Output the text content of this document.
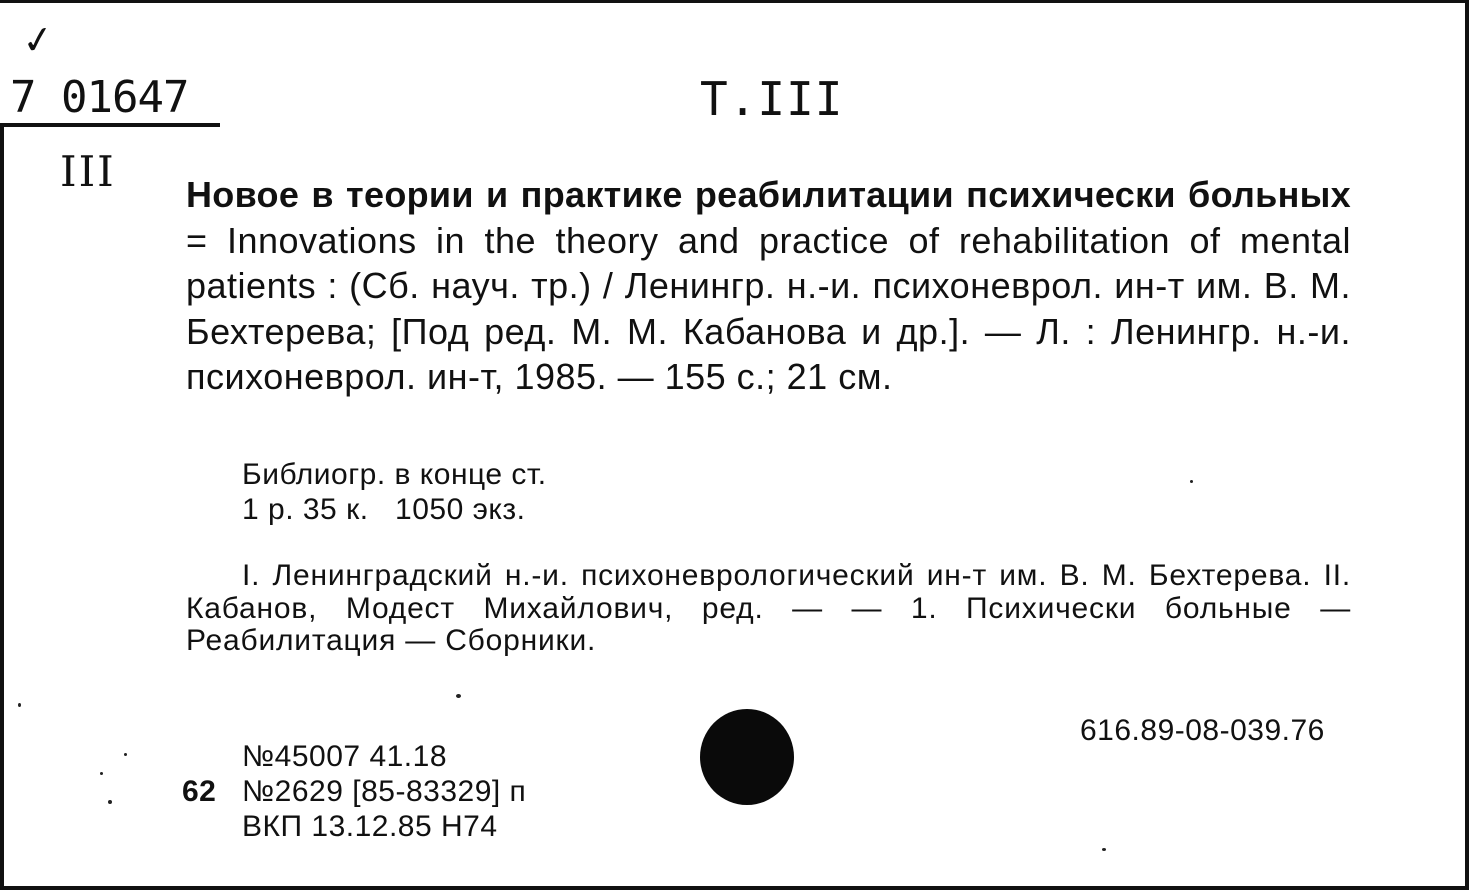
✓
7 01647	Т.III
III Новое в теории и практике реабилитации психически больных = Innovations in the theory and practice of rehabilitation of mental patients : (Сб. науч. тр.) / Ленингр. н.-и. психоневрол. ин-т им. В. М. Бехтерева; [Под ред. М. М. Кабанова и др.]. — Л. : Ленингр. н.-и. психоневрол. ин-т, 1985. — 155 с.; 21 см.
Библиогр. в конце ст.
1 р. 35 к.   1050 экз.
I. Ленинградский н.-и. психоневрологический ин-т им. В. М. Бехтерева. II. Кабанов, Модест Михайлович, ред. — — 1. Психически больные — Реабилитация — Сборники.
616.89-08-039.76
№45007 41.18
62 №2629 [85-83329] п
ВКП 13.12.85 Н74
